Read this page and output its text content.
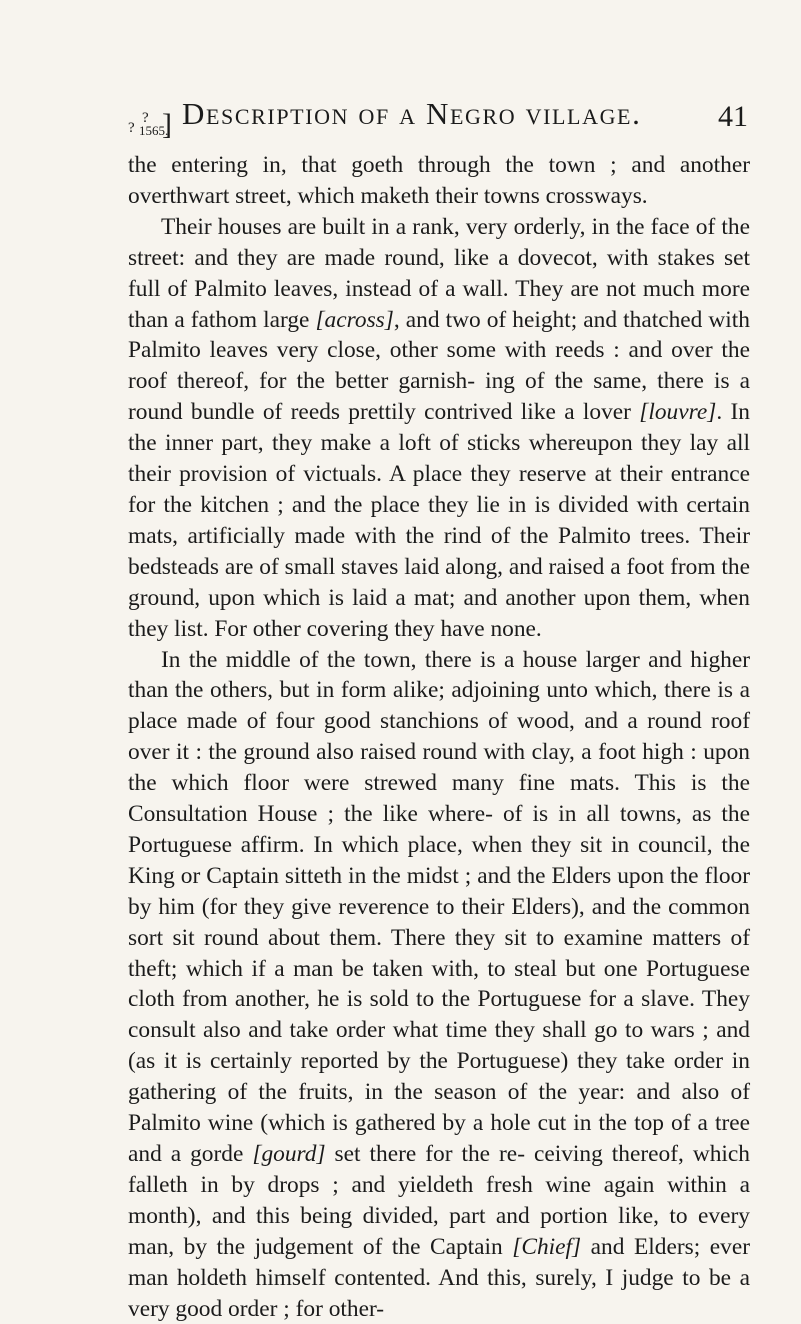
?
?
1565.
] Description of a Negro village.	41

the entering in, that goeth through the town ; and another overthwart street, which maketh their towns crossways.

Their houses are built in a rank, very orderly, in the face of the street: and they are made round, like a dovecot, with stakes set full of Palmito leaves, instead of a wall. They are not much more than a fathom large [across], and two of height; and thatched with Palmito leaves very close, other some with reeds : and over the roof thereof, for the better garnish- ing of the same, there is a round bundle of reeds prettily contrived like a lover [louvre]. In the inner part, they make a loft of sticks whereupon they lay all their provision of victuals. A place they reserve at their entrance for the kitchen ; and the place they lie in is divided with certain mats, artificially made with the rind of the Palmito trees. Their bedsteads are of small staves laid along, and raised a foot from the ground, upon which is laid a mat; and another upon them, when they list. For other covering they have none.

In the middle of the town, there is a house larger and higher than the others, but in form alike; adjoining unto which, there is a place made of four good stanchions of wood, and a round roof over it : the ground also raised round with clay, a foot high : upon the which floor were strewed many fine mats. This is the Consultation House ; the like where- of is in all towns, as the Portuguese affirm. In which place, when they sit in council, the King or Captain sitteth in the midst ; and the Elders upon the floor by him (for they give reverence to their Elders), and the common sort sit round about them. There they sit to examine matters of theft; which if a man be taken with, to steal but one Portuguese cloth from another, he is sold to the Portuguese for a slave. They consult also and take order what time they shall go to wars ; and (as it is certainly reported by the Portuguese) they take order in gathering of the fruits, in the season of the year: and also of Palmito wine (which is gathered by a hole cut in the top of a tree and a gorde [gourd] set there for the re- ceiving thereof, which falleth in by drops ; and yieldeth fresh wine again within a month), and this being divided, part and portion like, to every man, by the judgement of the Captain [Chief] and Elders; ever man holdeth himself contented. And this, surely, I judge to be a very good order ; for other-
